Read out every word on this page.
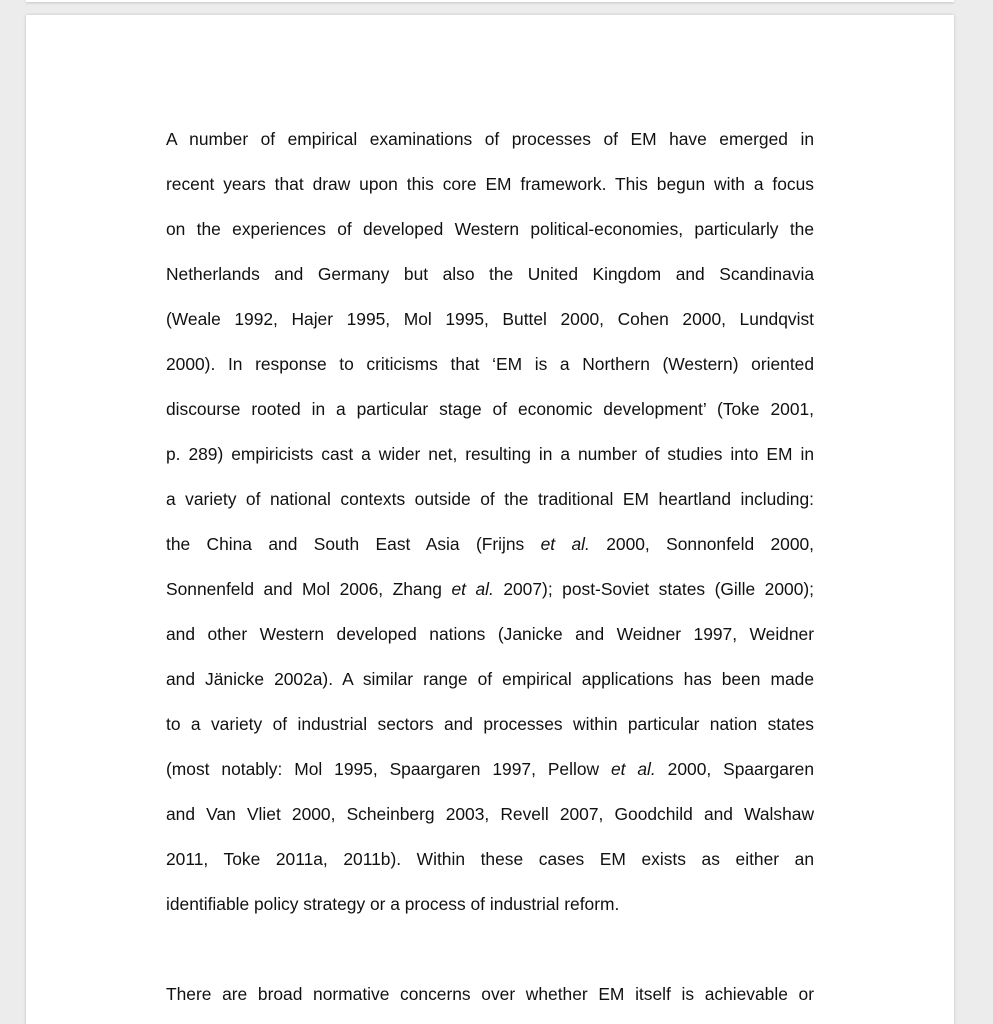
A number of empirical examinations of processes of EM have emerged in
recent years that draw upon this core EM framework. This begun with a focus
on the experiences of developed Western political-economies, particularly the
Netherlands and Germany but also the United Kingdom and Scandinavia
(Weale 1992, Hajer 1995, Mol 1995, Buttel 2000, Cohen 2000, Lundqvist
2000). In response to criticisms that ‘EM is a Northern (Western) oriented
discourse rooted in a particular stage of economic development’ (Toke 2001,
p. 289) empiricists cast a wider net, resulting in a number of studies into EM in
a variety of national contexts outside of the traditional EM heartland including:
the China and South East Asia (Frijns et al. 2000, Sonnonfeld 2000,
Sonnenfeld and Mol 2006, Zhang et al. 2007); post-Soviet states (Gille 2000);
and other Western developed nations (Janicke and Weidner 1997, Weidner
and Jänicke 2002a). A similar range of empirical applications has been made
to a variety of industrial sectors and processes within particular nation states
(most notably: Mol 1995, Spaargaren 1997, Pellow et al. 2000, Spaargaren
and Van Vliet 2000, Scheinberg 2003, Revell 2007, Goodchild and Walshaw
2011, Toke 2011a, 2011b). Within these cases EM exists as either an
identifiable policy strategy or a process of industrial reform.

There are broad normative concerns over whether EM itself is achievable or
